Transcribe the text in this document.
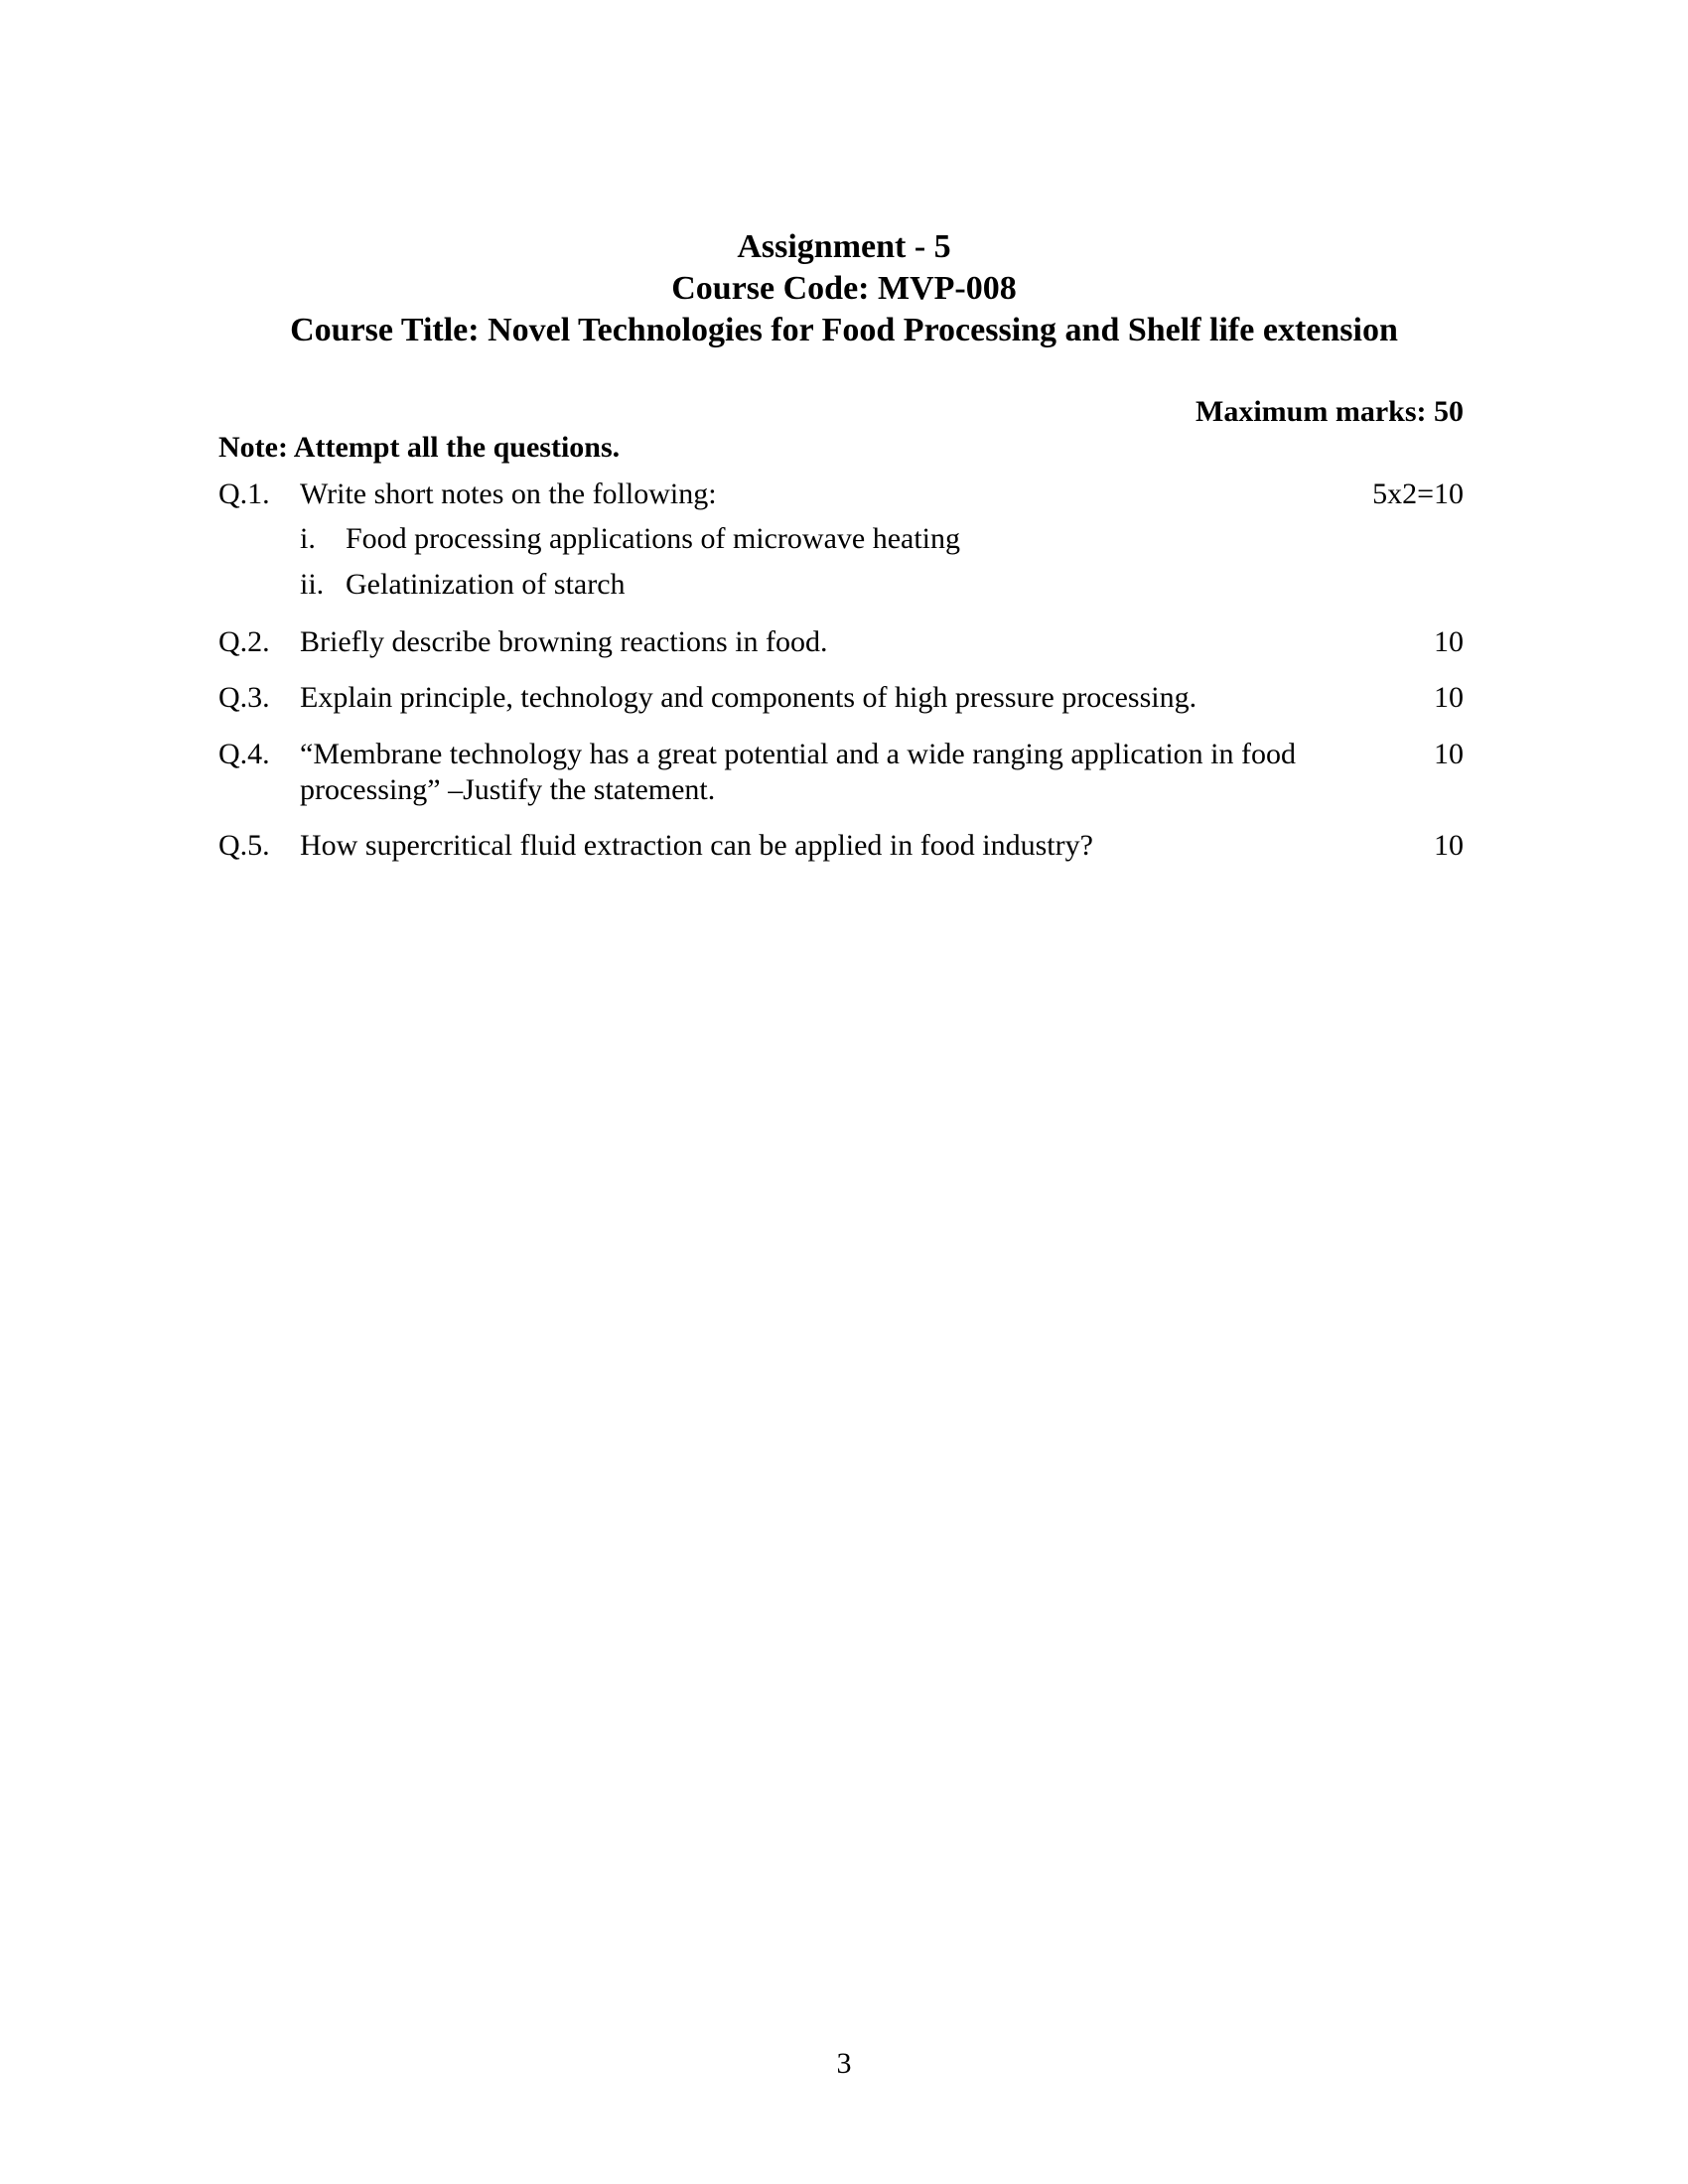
Assignment - 5
Course Code: MVP-008
Course Title: Novel Technologies for Food Processing and Shelf life extension
Maximum marks: 50
Note: Attempt all the questions.
Q.1. Write short notes on the following:	5x2=10
i. Food processing applications of microwave heating
ii. Gelatinization of starch
Q.2. Briefly describe browning reactions in food.	10
Q.3. Explain principle, technology and components of high pressure processing.	10
Q.4. “Membrane technology has a great potential and a wide ranging application in food processing” –Justify the statement.
10
Q.5. How supercritical fluid extraction can be applied in food industry?	10
3
